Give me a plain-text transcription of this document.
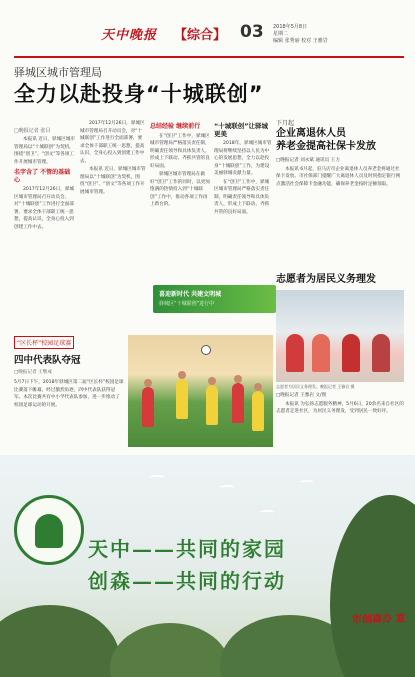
天中晚报 【综合】 03 2018年5月8日
星期二
编辑 张秀丽 校对 王雅岩
驿城区城市管理局
全力以赴投身“十城联创”
□晚报记者 张目

本报讯 近日，驿城区城市管理局以“十城联创”为契机，围绕“创卫”、“创文”等各项工作开展城市管理。

名字含了 不管的基础心

2017年12月26日，驿城区城市管理局召开动员会，对“十城联创”工作进行全面部署，要求全体干部职工统一思想，提高认识，全身心投入到创建工作中去。

2017年12月26日，驿城区城市管理局召开动员会，对“十城联创”工作进行全面部署，要求全体干部职工统一思想，提高认识，全身心投入到创建工作中去。

本报讯 近日，驿城区城市管理局以“十城联创”为契机，围绕“创卫”、“创文”等各项工作开展城市管理。

总结经验 继续前行

在“创卫”工作中，驿城区城市管理局严格落实责任制，明确责任领导和具体负责人，形成上下联动、齐抓共管的良好局面。

驿城区城市管理局在做好“创卫”工作的同时，以更加饱满的热情投入到“十城联创”工作中，推动各项工作再上新台阶。

“十城联创”让驿城更美

2018年，驿城区城市管理局将继续坚持以人民为中心的发展思想，全力以赴投身“十城联创”工作，为建设美丽驿城贡献力量。

在“创卫”工作中，驿城区城市管理局严格落实责任制，明确责任领导和具体负责人，形成上下联动、齐抓共管的良好局面。

喜迎新时代 共建文明城
驿城区“十城联创”进行中
下月起
企业离退休人员
养老金提高社保卡发放

□晚报记者 刘永斌 通讯员 王力

本报讯 6月起，驻马店市企业离退休人员养老金将通过社保卡发放。市社保部门提醒广大离退休人员及时到指定银行网点激活社会保障卡金融功能，确保养老金按时足额领取。

志愿者为居民义务理发
志愿者为居民义务理发。晚报记者 王雅岩 摄

□晚报记者 王雅岩 文/图

本报讯 为弘扬志愿服务精神，5月6日，20余名来自社区的志愿者走进社区，为居民义务理发，受到居民一致好评。

“区长杯”校园足球赛
四中代表队夺冠
□晚报记者 王继成
5月7日下午，2018年驿城区第二届“区长杯”校园足球比赛落下帷幕，经过激烈角逐，四中代表队获得冠军。本次比赛共有中小学代表队参加，进一步推动了校园足球运动的开展。
天中——共同的家园
创森——共同的行动
市创森办 宣
